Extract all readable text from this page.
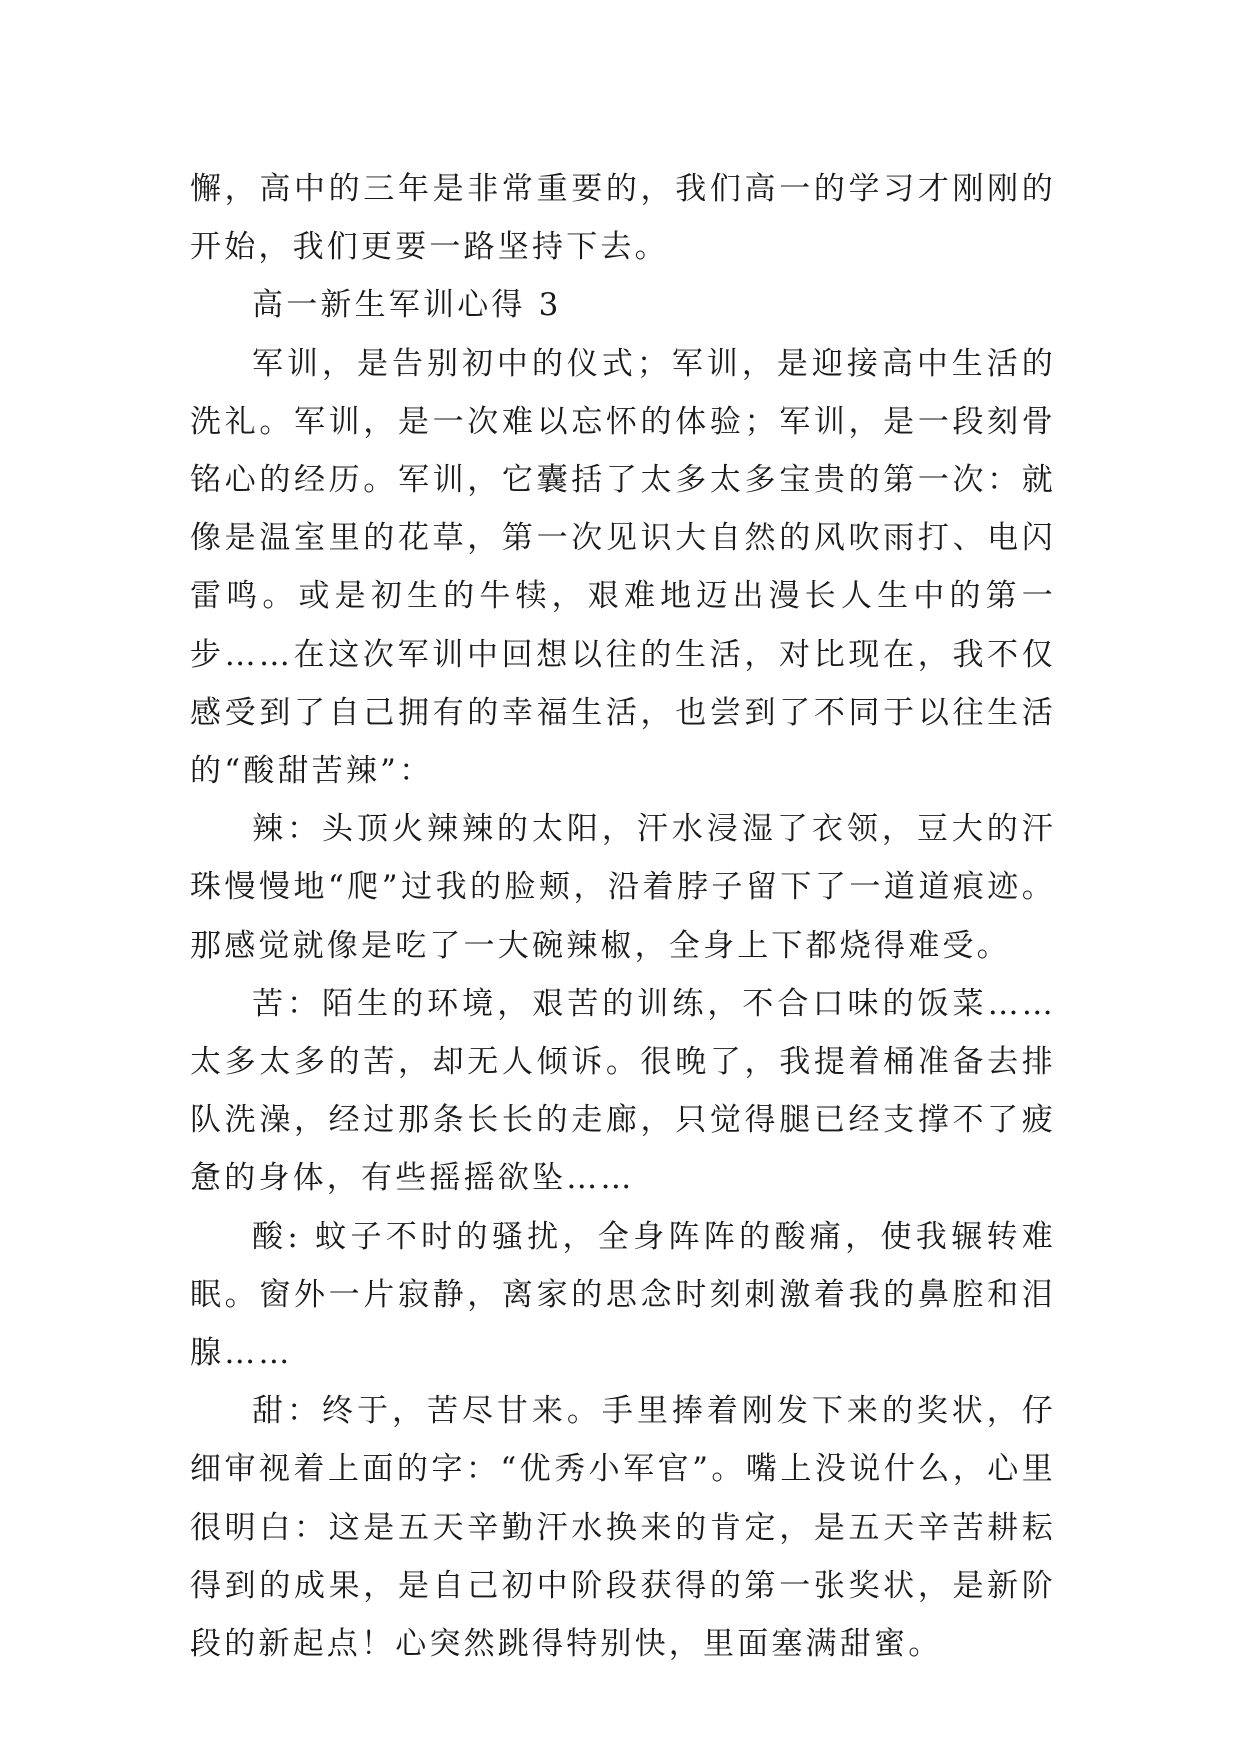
懈，高中的三年是非常重要的，我们高一的学习才刚刚的开始，我们更要一路坚持下去。

高一新生军训心得 3

军训，是告别初中的仪式；军训，是迎接高中生活的洗礼。军训，是一次难以忘怀的体验；军训，是一段刻骨铭心的经历。军训，它囊括了太多太多宝贵的第一次：就像是温室里的花草，第一次见识大自然的风吹雨打、电闪雷鸣。或是初生的牛犊，艰难地迈出漫长人生中的第一步……在这次军训中回想以往的生活，对比现在，我不仅感受到了自己拥有的幸福生活，也尝到了不同于以往生活的“酸甜苦辣”：

辣：头顶火辣辣的太阳，汗水浸湿了衣领，豆大的汗珠慢慢地“爬”过我的脸颊，沿着脖子留下了一道道痕迹。那感觉就像是吃了一大碗辣椒，全身上下都烧得难受。

苦：陌生的环境，艰苦的训练，不合口味的饭菜……太多太多的苦，却无人倾诉。很晚了，我提着桶准备去排队洗澡，经过那条长长的走廊，只觉得腿已经支撑不了疲惫的身体，有些摇摇欲坠……

酸: 蚊子不时的骚扰，全身阵阵的酸痛，使我辗转难眠。窗外一片寂静，离家的思念时刻刺激着我的鼻腔和泪腺……

甜：终于，苦尽甘来。手里捧着刚发下来的奖状，仔细审视着上面的字：“优秀小军官”。嘴上没说什么，心里很明白：这是五天辛勤汗水换来的肯定，是五天辛苦耕耘得到的成果，是自己初中阶段获得的第一张奖状，是新阶段的新起点！心突然跳得特别快，里面塞满甜蜜。
